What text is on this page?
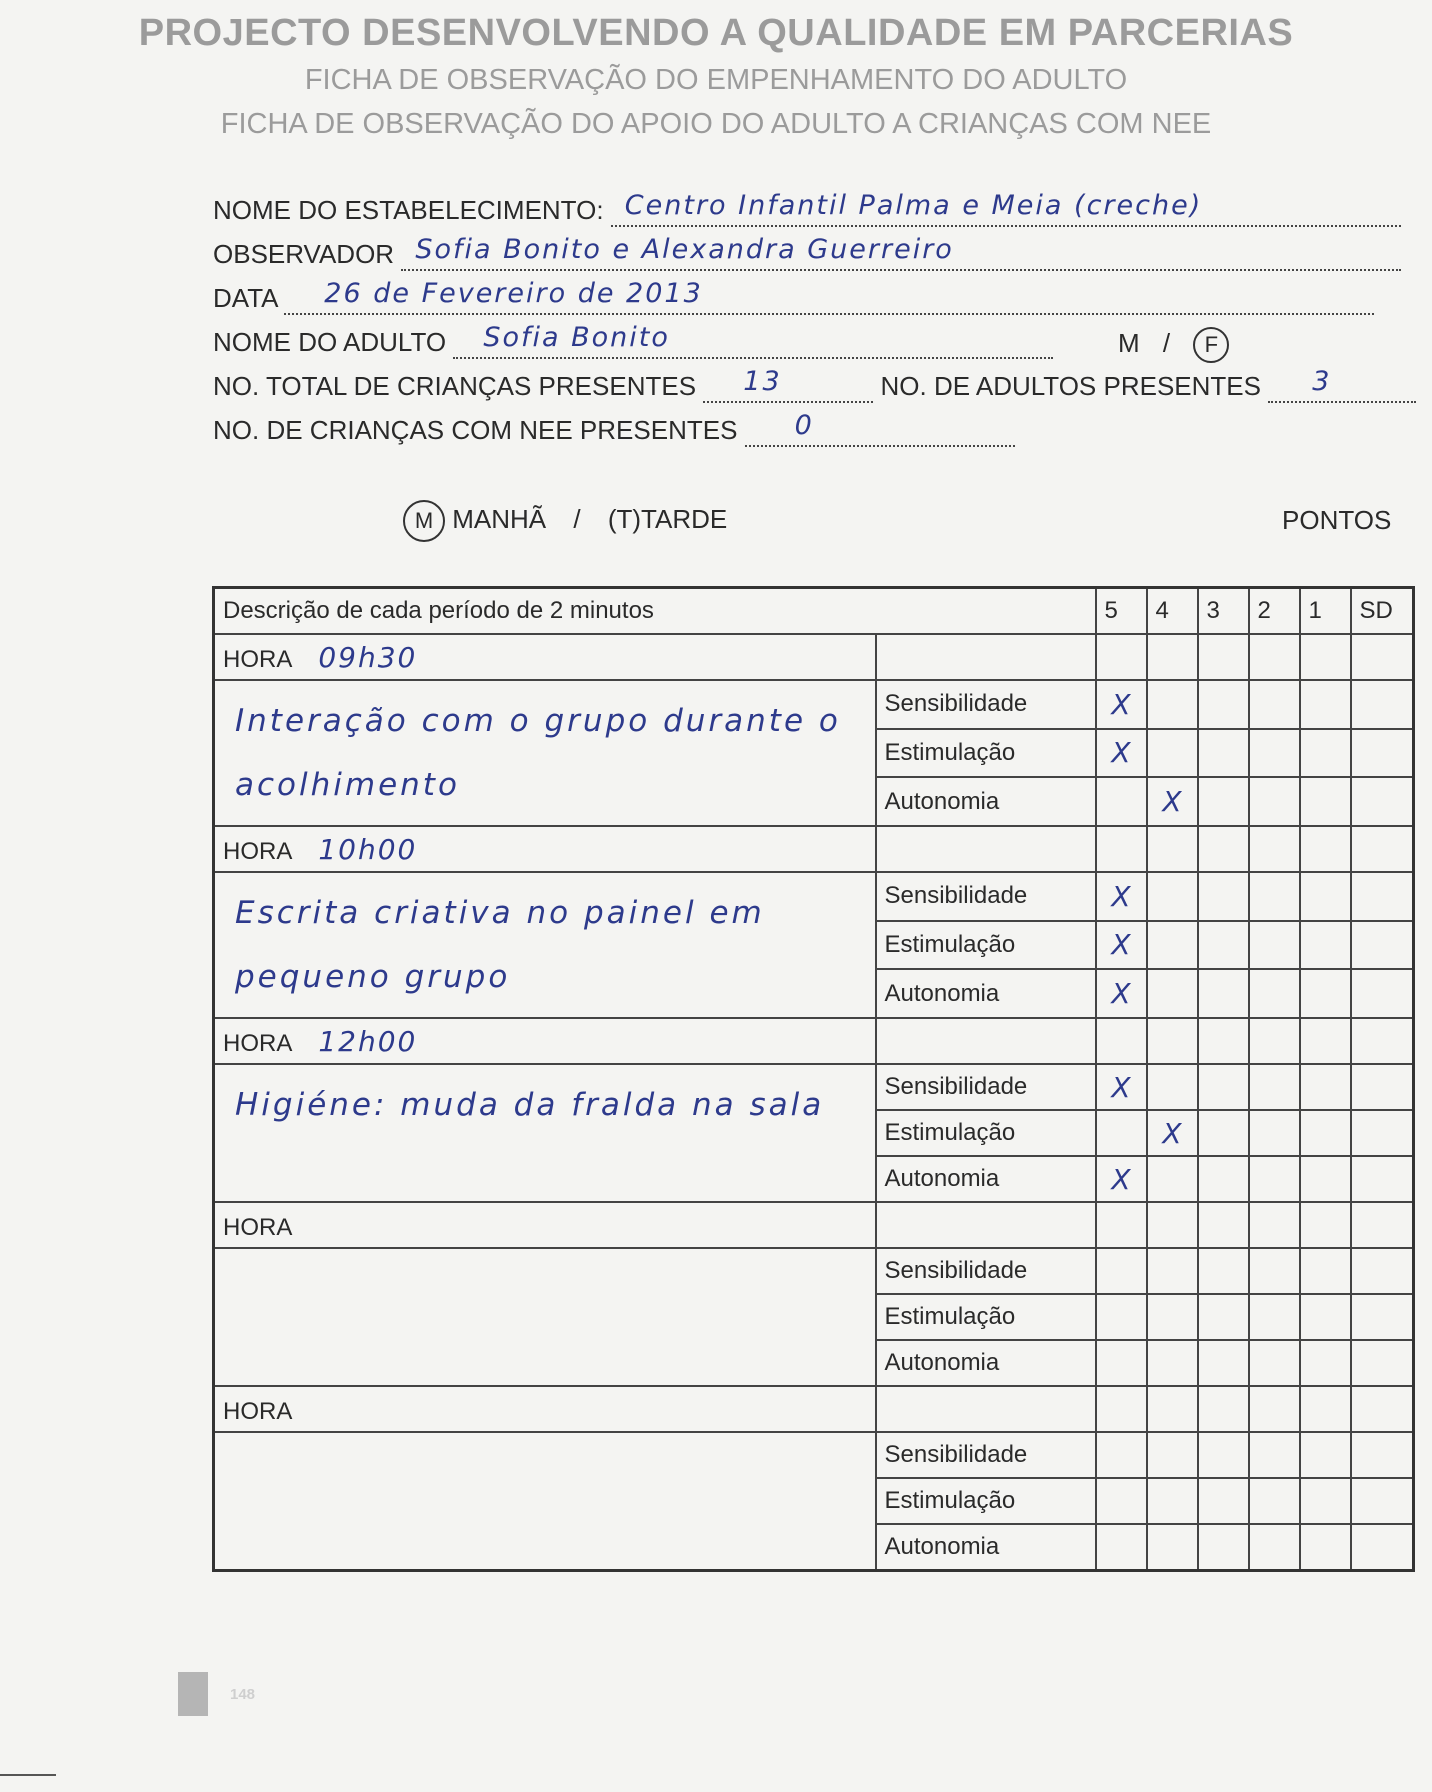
PROJECTO DESENVOLVENDO A QUALIDADE EM PARCERIAS
FICHA DE OBSERVAÇÃO DO EMPENHAMENTO DO ADULTO
FICHA DE OBSERVAÇÃO DO APOIO DO ADULTO A CRIANÇAS COM NEE
NOME DO ESTABELECIMENTO: Centro Infantil Palma e Meia (creche)
OBSERVADOR Sofia Bonito e Alexandra Guerreiro
DATA 26 de Fevereiro de 2013
NOME DO ADULTO Sofia Bonito	M / F
NO. TOTAL DE CRIANÇAS PRESENTES 13	NO. DE ADULTOS PRESENTES 3
NO. DE CRIANÇAS COM NEE PRESENTES 0
M MANHÃ / (T)TARDE	PONTOS
Descrição de cada período de 2 minutos		5	4	3	2	1	SD
HORA 09h30							
Interação com o grupo durante o acolhimento	Sensibilidade	X					

	Estimulação	X					

	Autonomia		X				

HORA 10h00							
Escrita criativa no painel em pequeno grupo	Sensibilidade	X					

	Estimulação	X					

	Autonomia	X					

HORA 12h00							
Higiéne: muda da fralda na sala	Sensibilidade	X					

	Estimulação		X				

	Autonomia	X					

HORA							
	Sensibilidade						
	Estimulação						
	Autonomia						
HORA							
	Sensibilidade						
	Estimulação						
	Autonomia						
148
